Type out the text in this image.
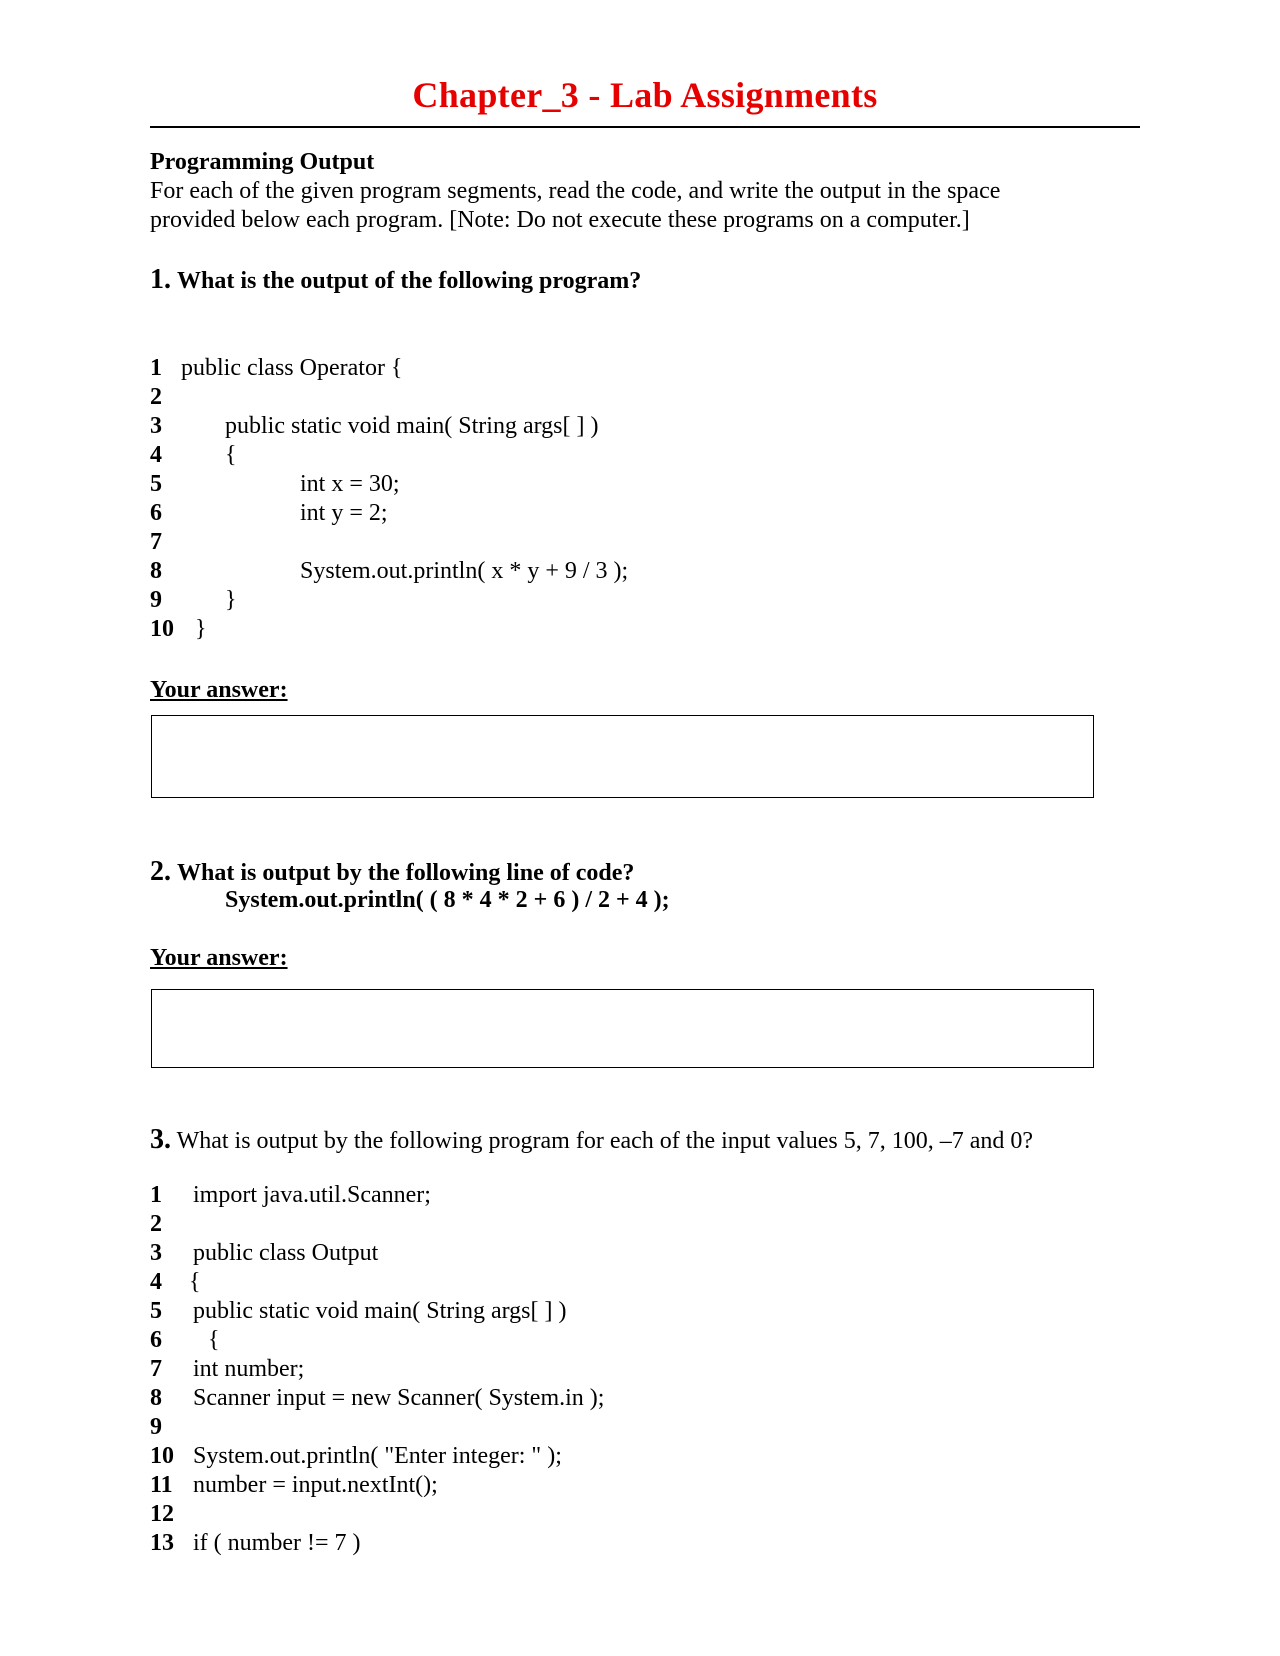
Chapter_3 - Lab Assignments
Programming Output
For each of the given program segments, read the code, and write the output in the space
provided below each program. [Note: Do not execute these programs on a computer.]
1. What is the output of the following program?
1 public class Operator {
2
3	public static void main( String args[ ] )
4	{
5	int x = 30;
6	int y = 2;
7
8	System.out.println( x * y + 9 / 3 );
9	}
10 }
Your answer:
2. What is output by the following line of code?
System.out.println( ( 8 * 4 * 2 + 6 ) / 2 + 4 );
Your answer:
3. What is output by the following program for each of the input values 5, 7, 100, –7 and 0?
1 import java.util.Scanner;
2
3 public class Output
4 {
5 public static void main( String args[ ] )
6 {
7 int number;
8 Scanner input = new Scanner( System.in );
9
10 System.out.println( "Enter integer: " );
11 number = input.nextInt();
12
13 if ( number != 7 )
